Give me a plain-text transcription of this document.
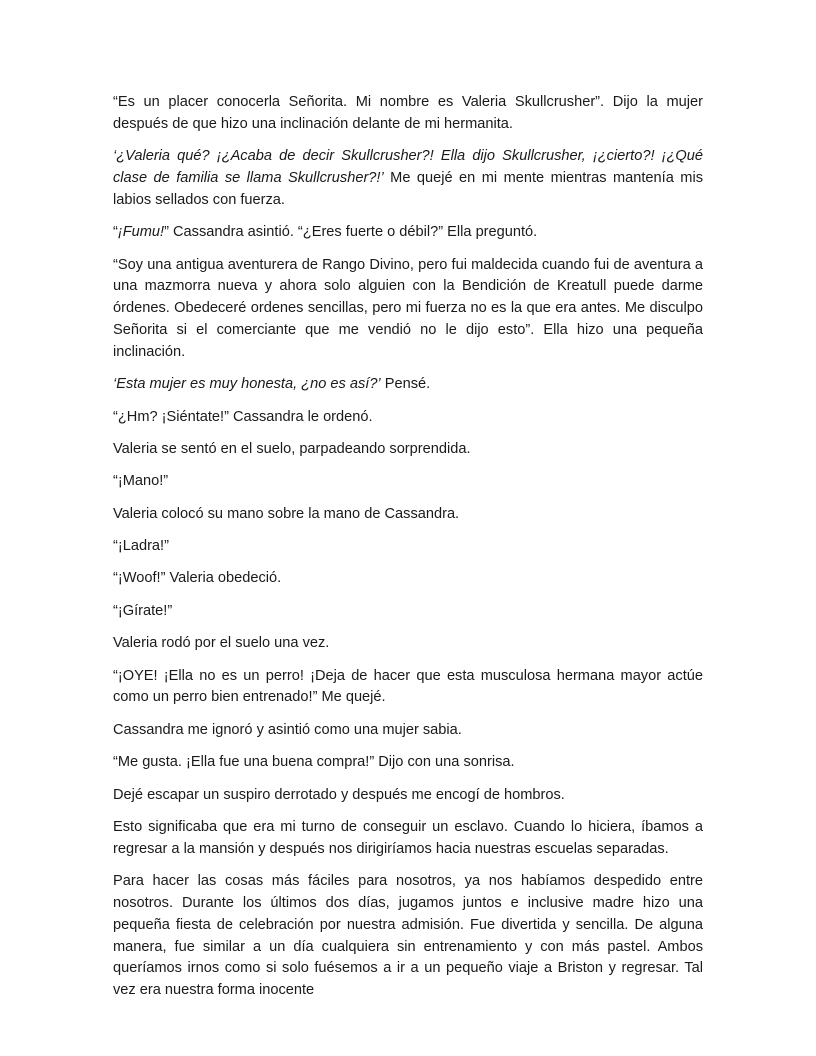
“Es un placer conocerla Señorita. Mi nombre es Valeria Skullcrusher”. Dijo la mujer después de que hizo una inclinación delante de mi hermanita.

‘¿Valeria qué? ¡¿Acaba de decir Skullcrusher?! Ella dijo Skullcrusher, ¡¿cierto?! ¡¿Qué clase de familia se llama Skullcrusher?!’ Me quejé en mi mente mientras mantenía mis labios sellados con fuerza.

“¡Fumu!” Cassandra asintió. “¿Eres fuerte o débil?” Ella preguntó.

“Soy una antigua aventurera de Rango Divino, pero fui maldecida cuando fui de aventura a una mazmorra nueva y ahora solo alguien con la Bendición de Kreatull puede darme órdenes. Obedeceré ordenes sencillas, pero mi fuerza no es la que era antes. Me disculpo Señorita si el comerciante que me vendió no le dijo esto”. Ella hizo una pequeña inclinación.

‘Esta mujer es muy honesta, ¿no es así?’ Pensé.

“¿Hm? ¡Siéntate!” Cassandra le ordenó.

Valeria se sentó en el suelo, parpadeando sorprendida.

“¡Mano!”

Valeria colocó su mano sobre la mano de Cassandra.

“¡Ladra!”

“¡Woof!” Valeria obedeció.

“¡Gírate!”

Valeria rodó por el suelo una vez.

“¡OYE! ¡Ella no es un perro! ¡Deja de hacer que esta musculosa hermana mayor actúe como un perro bien entrenado!” Me quejé.

Cassandra me ignoró y asintió como una mujer sabia.

“Me gusta. ¡Ella fue una buena compra!” Dijo con una sonrisa.

Dejé escapar un suspiro derrotado y después me encogí de hombros.

Esto significaba que era mi turno de conseguir un esclavo. Cuando lo hiciera, íbamos a regresar a la mansión y después nos dirigiríamos hacia nuestras escuelas separadas.

Para hacer las cosas más fáciles para nosotros, ya nos habíamos despedido entre nosotros. Durante los últimos dos días, jugamos juntos e inclusive madre hizo una pequeña fiesta de celebración por nuestra admisión. Fue divertida y sencilla. De alguna manera, fue similar a un día cualquiera sin entrenamiento y con más pastel. Ambos queríamos irnos como si solo fuésemos a ir a un pequeño viaje a Briston y regresar. Tal vez era nuestra forma inocente
